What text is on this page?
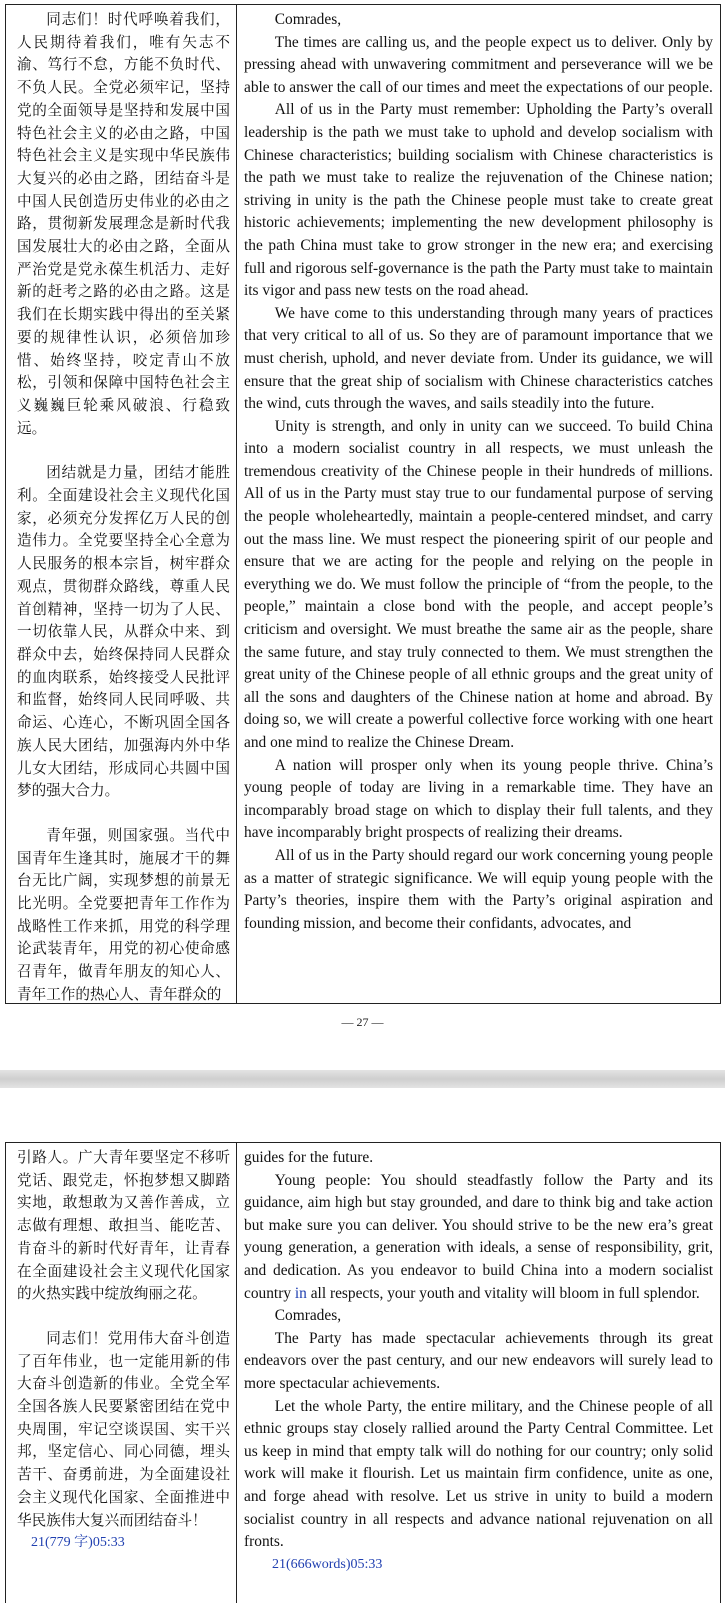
同志们！时代呼唤着我们，人民期待着我们，唯有矢志不渝、笃行不怠，方能不负时代、不负人民。全党必须牢记，坚持党的全面领导是坚持和发展中国特色社会主义的必由之路，中国特色社会主义是实现中华民族伟大复兴的必由之路，团结奋斗是中国人民创造历史伟业的必由之路，贯彻新发展理念是新时代我国发展壮大的必由之路，全面从严治党是党永葆生机活力、走好新的赶考之路的必由之路。这是我们在长期实践中得出的至关紧要的规律性认识，必须倍加珍惜、始终坚持，咬定青山不放松，引领和保障中国特色社会主义巍巍巨轮乘风破浪、行稳致远。

团结就是力量，团结才能胜利。全面建设社会主义现代化国家，必须充分发挥亿万人民的创造伟力。全党要坚持全心全意为人民服务的根本宗旨，树牢群众观点，贯彻群众路线，尊重人民首创精神，坚持一切为了人民、一切依靠人民，从群众中来、到群众中去，始终保持同人民群众的血肉联系，始终接受人民批评和监督，始终同人民同呼吸、共命运、心连心，不断巩固全国各族人民大团结，加强海内外中华儿女大团结，形成同心共圆中国梦的强大合力。

青年强，则国家强。当代中国青年生逢其时，施展才干的舞台无比广阔，实现梦想的前景无比光明。全党要把青年工作作为战略性工作来抓，用党的科学理论武装青年，用党的初心使命感召青年，做青年朋友的知心人、青年工作的热心人、青年群众的

Comrades,

The times are calling us, and the people expect us to deliver. Only by pressing ahead with unwavering commitment and perseverance will we be able to answer the call of our times and meet the expectations of our people.

All of us in the Party must remember: Upholding the Party’s overall leadership is the path we must take to uphold and develop socialism with Chinese characteristics; building socialism with Chinese characteristics is the path we must take to realize the rejuvenation of the Chinese nation; striving in unity is the path the Chinese people must take to create great historic achievements; implementing the new development philosophy is the path China must take to grow stronger in the new era; and exercising full and rigorous self-governance is the path the Party must take to maintain its vigor and pass new tests on the road ahead.

We have come to this understanding through many years of practices that very critical to all of us. So they are of paramount importance that we must cherish, uphold, and never deviate from. Under its guidance, we will ensure that the great ship of socialism with Chinese characteristics catches the wind, cuts through the waves, and sails steadily into the future.

Unity is strength, and only in unity can we succeed. To build China into a modern socialist country in all respects, we must unleash the tremendous creativity of the Chinese people in their hundreds of millions. All of us in the Party must stay true to our fundamental purpose of serving the people wholeheartedly, maintain a people-centered mindset, and carry out the mass line. We must respect the pioneering spirit of our people and ensure that we are acting for the people and relying on the people in everything we do. We must follow the principle of “from the people, to the people,” maintain a close bond with the people, and accept people’s criticism and oversight. We must breathe the same air as the people, share the same future, and stay truly connected to them. We must strengthen the great unity of the Chinese people of all ethnic groups and the great unity of all the sons and daughters of the Chinese nation at home and abroad. By doing so, we will create a powerful collective force working with one heart and one mind to realize the Chinese Dream.

A nation will prosper only when its young people thrive. China’s young people of today are living in a remarkable time. They have an incomparably broad stage on which to display their full talents, and they have incomparably bright prospects of realizing their dreams.

All of us in the Party should regard our work concerning young people as a matter of strategic significance. We will equip young people with the Party’s theories, inspire them with the Party’s original aspiration and founding mission, and become their confidants, advocates, and

— 27 —

引路人。广大青年要坚定不移听党话、跟党走，怀抱梦想又脚踏实地，敢想敢为又善作善成，立志做有理想、敢担当、能吃苦、肯奋斗的新时代好青年，让青春在全面建设社会主义现代化国家的火热实践中绽放绚丽之花。

同志们！党用伟大奋斗创造了百年伟业，也一定能用新的伟大奋斗创造新的伟业。全党全军全国各族人民要紧密团结在党中央周围，牢记空谈误国、实干兴邦，坚定信心、同心同德，埋头苦干、奋勇前进，为全面建设社会主义现代化国家、全面推进中华民族伟大复兴而团结奋斗！

21(779 字)05:33

guides for the future.

Young people: You should steadfastly follow the Party and its guidance, aim high but stay grounded, and dare to think big and take action but make sure you can deliver. You should strive to be the new era’s great young generation, a generation with ideals, a sense of responsibility, grit, and dedication. As you endeavor to build China into a modern socialist country in all respects, your youth and vitality will bloom in full splendor.

Comrades,

The Party has made spectacular achievements through its great endeavors over the past century, and our new endeavors will surely lead to more spectacular achievements.

Let the whole Party, the entire military, and the Chinese people of all ethnic groups stay closely rallied around the Party Central Committee. Let us keep in mind that empty talk will do nothing for our country; only solid work will make it flourish. Let us maintain firm confidence, unite as one, and forge ahead with resolve. Let us strive in unity to build a modern socialist country in all respects and advance national rejuvenation on all fronts.

21(666words)05:33
